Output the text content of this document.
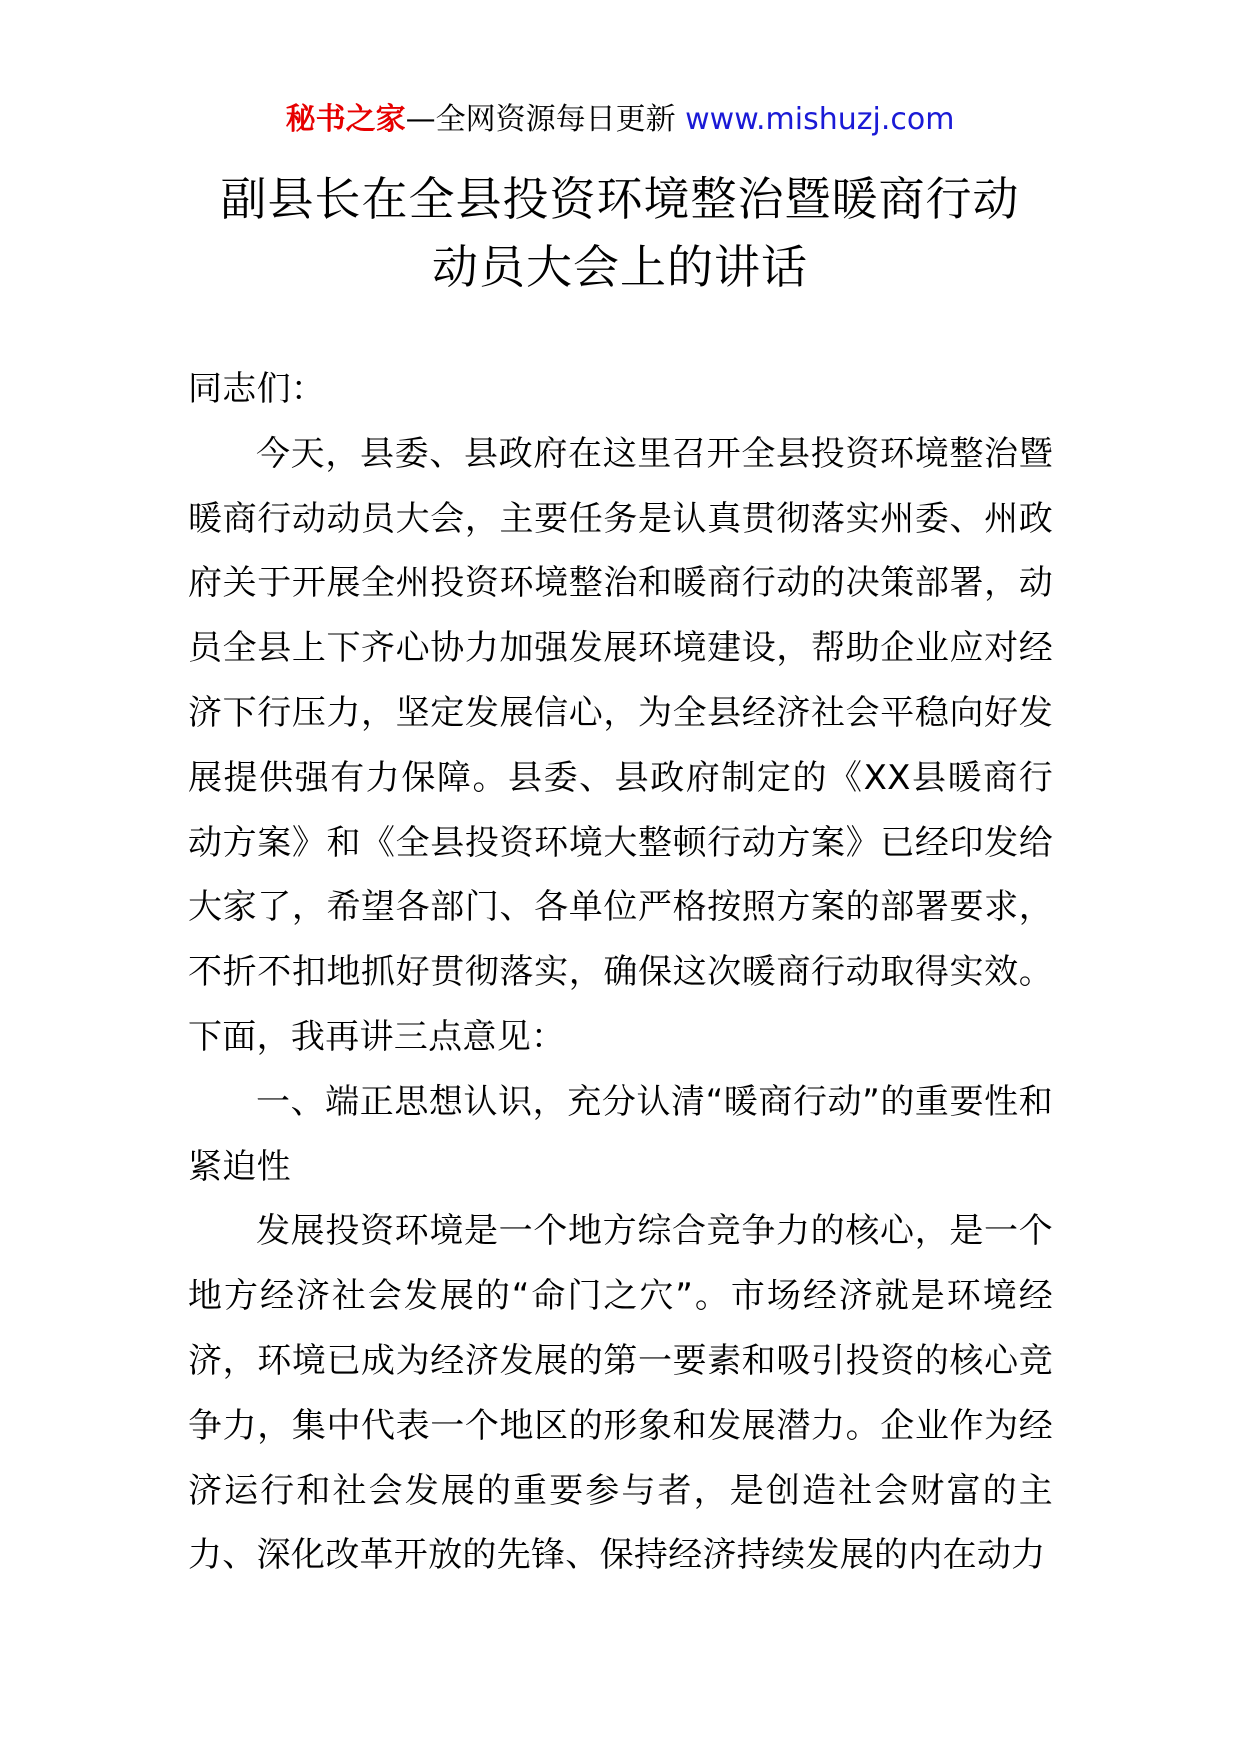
秘书之家—全网资源每日更新 www.mishuzj.com
副县长在全县投资环境整治暨暖商行动
动员大会上的讲话

同志们：

今天，县委、县政府在这里召开全县投资环境整治暨暖商行动动员大会，主要任务是认真贯彻落实州委、州政府关于开展全州投资环境整治和暖商行动的决策部署，动员全县上下齐心协力加强发展环境建设，帮助企业应对经济下行压力，坚定发展信心，为全县经济社会平稳向好发展提供强有力保障。县委、县政府制定的《XX县暖商行动方案》和《全县投资环境大整顿行动方案》已经印发给大家了，希望各部门、各单位严格按照方案的部署要求，不折不扣地抓好贯彻落实，确保这次暖商行动取得实效。下面，我再讲三点意见：

一、端正思想认识，充分认清“暖商行动”的重要性和紧迫性

发展投资环境是一个地方综合竞争力的核心，是一个地方经济社会发展的“命门之穴”。市场经济就是环境经济，环境已成为经济发展的第一要素和吸引投资的核心竞争力，集中代表一个地区的形象和发展潜力。企业作为经济运行和社会发展的重要参与者，是创造社会财富的主力、深化改革开放的先锋、保持经济持续发展的内在动力
